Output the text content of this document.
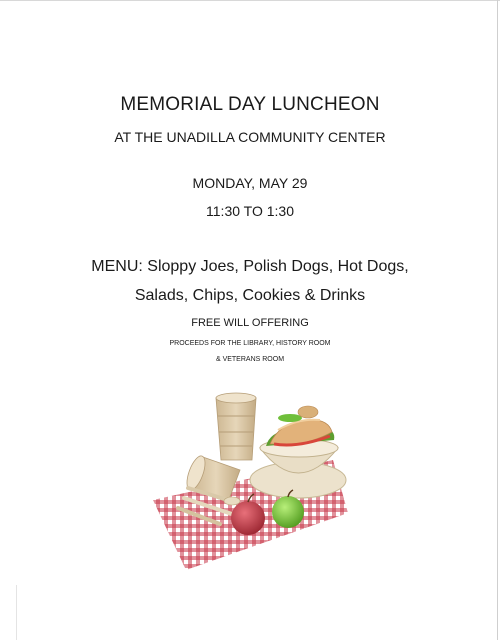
MEMORIAL DAY LUNCHEON
AT THE UNADILLA COMMUNITY CENTER
MONDAY, MAY 29
11:30 TO 1:30
MENU: Sloppy Joes, Polish Dogs, Hot Dogs,
Salads, Chips, Cookies & Drinks
FREE WILL OFFERING
PROCEEDS FOR THE LIBRARY, HISTORY ROOM
& VETERANS ROOM
